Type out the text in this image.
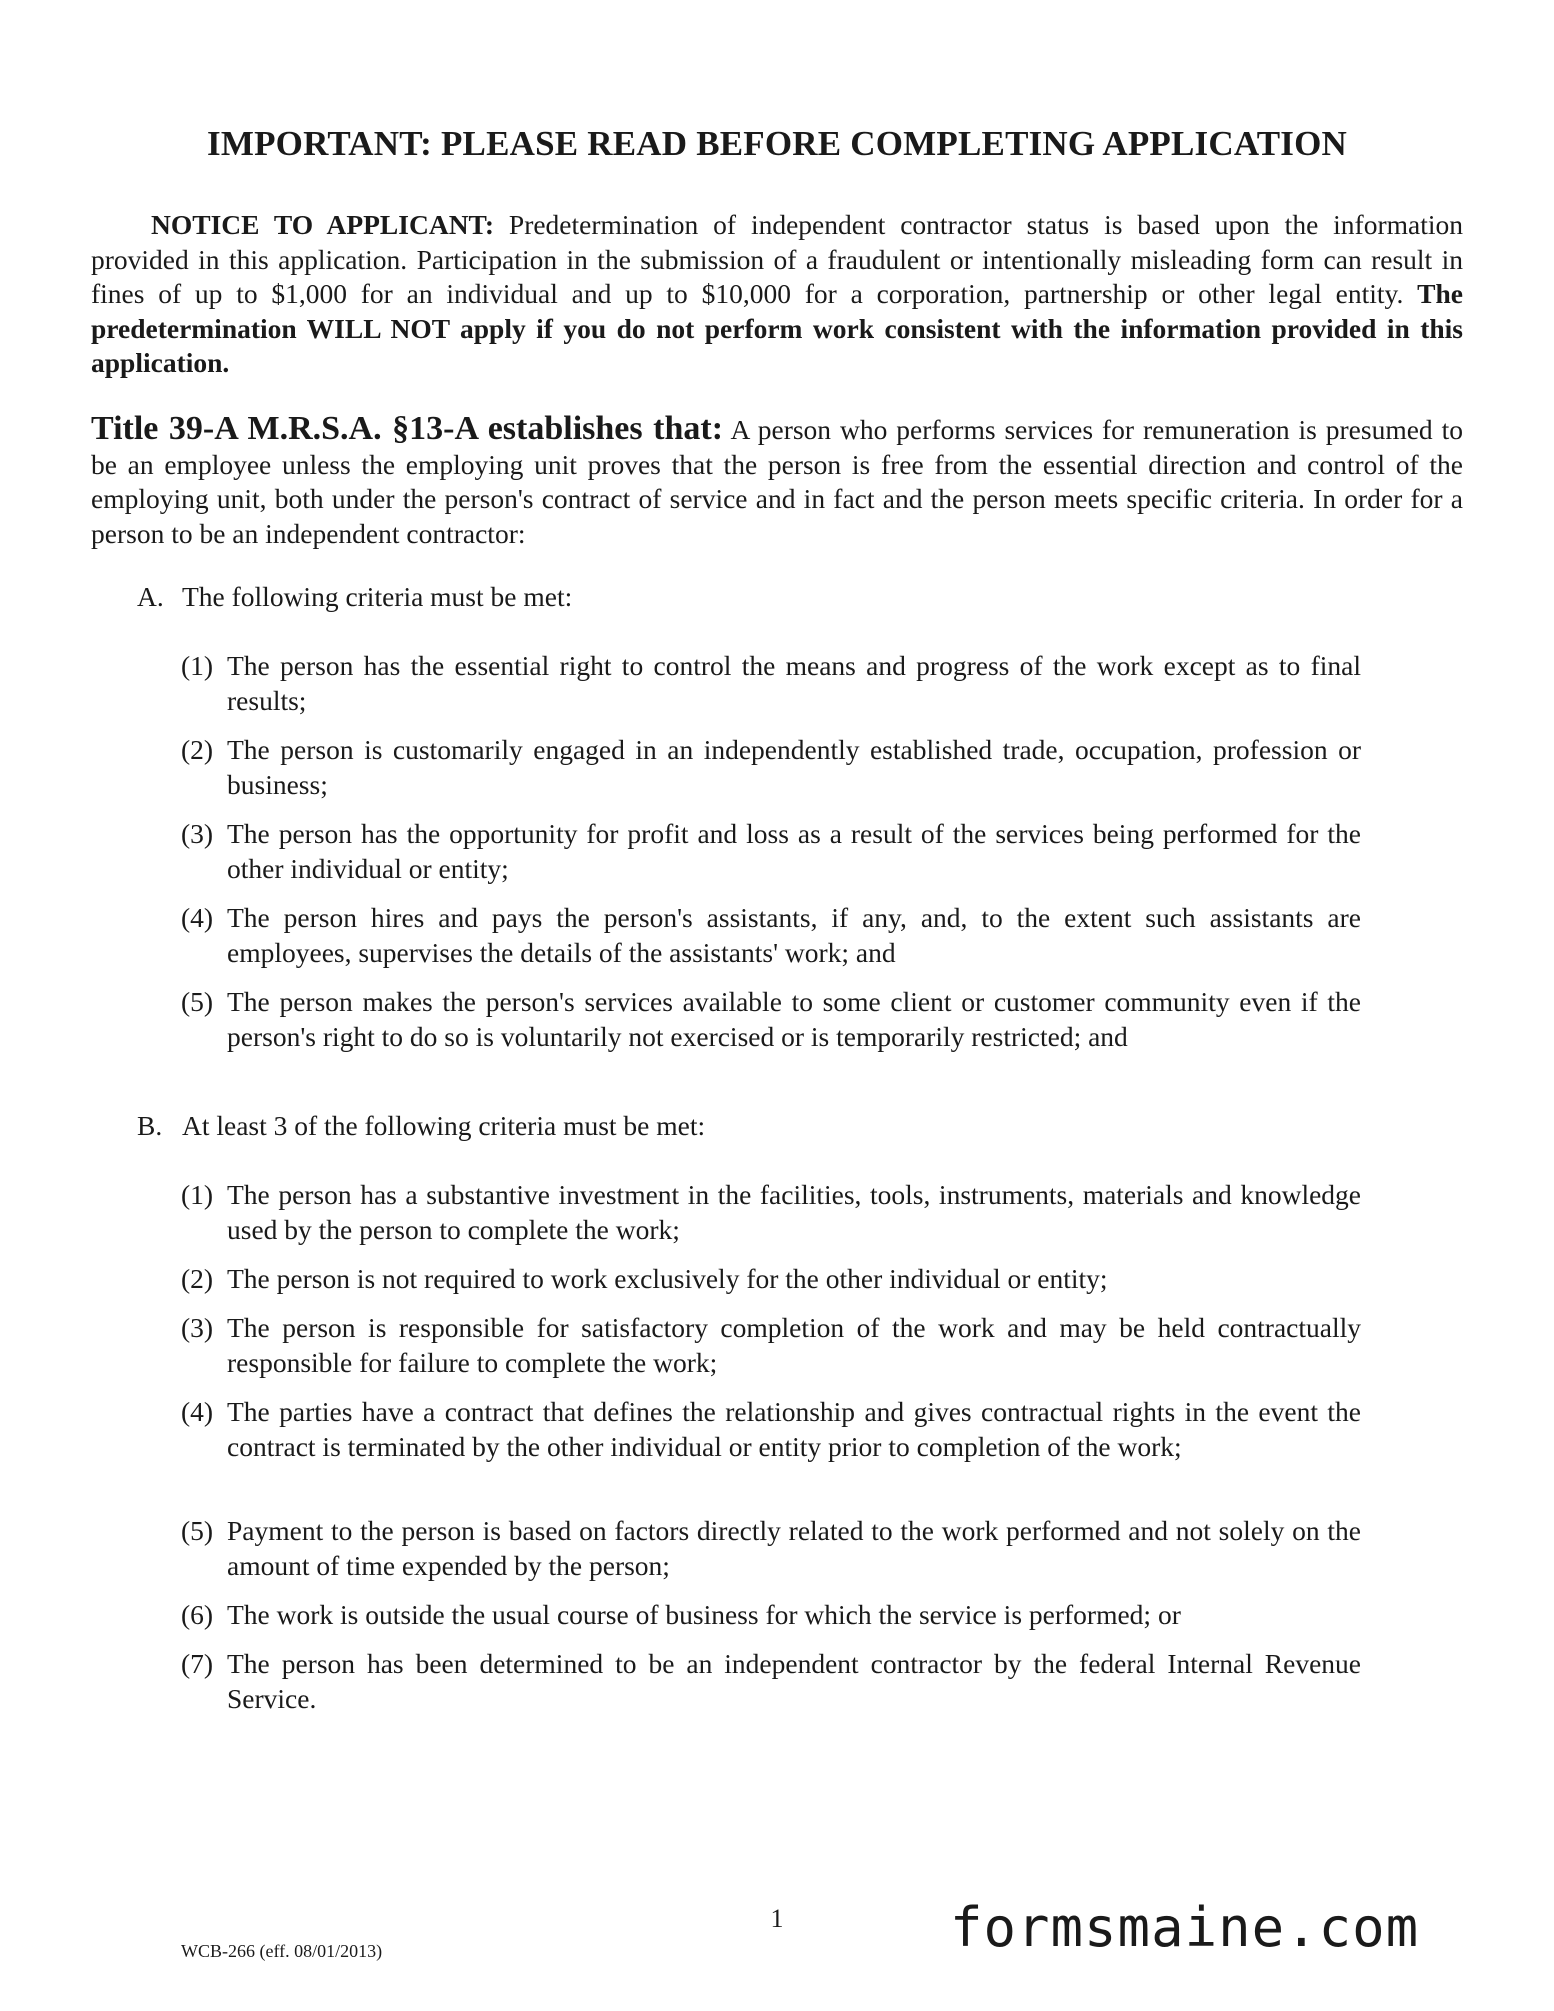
IMPORTANT: PLEASE READ BEFORE COMPLETING APPLICATION
NOTICE TO APPLICANT: Predetermination of independent contractor status is based upon the information provided in this application. Participation in the submission of a fraudulent or intentionally misleading form can result in fines of up to $1,000 for an individual and up to $10,000 for a corporation, partnership or other legal entity. The predetermination WILL NOT apply if you do not perform work consistent with the information provided in this application.
Title 39-A M.R.S.A. §13-A establishes that: A person who performs services for remuneration is presumed to be an employee unless the employing unit proves that the person is free from the essential direction and control of the employing unit, both under the person's contract of service and in fact and the person meets specific criteria. In order for a person to be an independent contractor:
A. The following criteria must be met:
(1) The person has the essential right to control the means and progress of the work except as to final results;
(2) The person is customarily engaged in an independently established trade, occupation, profession or business;
(3) The person has the opportunity for profit and loss as a result of the services being performed for the other individual or entity;
(4) The person hires and pays the person's assistants, if any, and, to the extent such assistants are employees, supervises the details of the assistants' work; and
(5) The person makes the person's services available to some client or customer community even if the person's right to do so is voluntarily not exercised or is temporarily restricted; and
B. At least 3 of the following criteria must be met:
(1) The person has a substantive investment in the facilities, tools, instruments, materials and knowledge used by the person to complete the work;
(2) The person is not required to work exclusively for the other individual or entity;
(3) The person is responsible for satisfactory completion of the work and may be held contractually responsible for failure to complete the work;
(4) The parties have a contract that defines the relationship and gives contractual rights in the event the contract is terminated by the other individual or entity prior to completion of the work;
(5) Payment to the person is based on factors directly related to the work performed and not solely on the amount of time expended by the person;
(6) The work is outside the usual course of business for which the service is performed; or
(7) The person has been determined to be an independent contractor by the federal Internal Revenue Service.
1
WCB-266 (eff. 08/01/2013)	formsmaine.com
